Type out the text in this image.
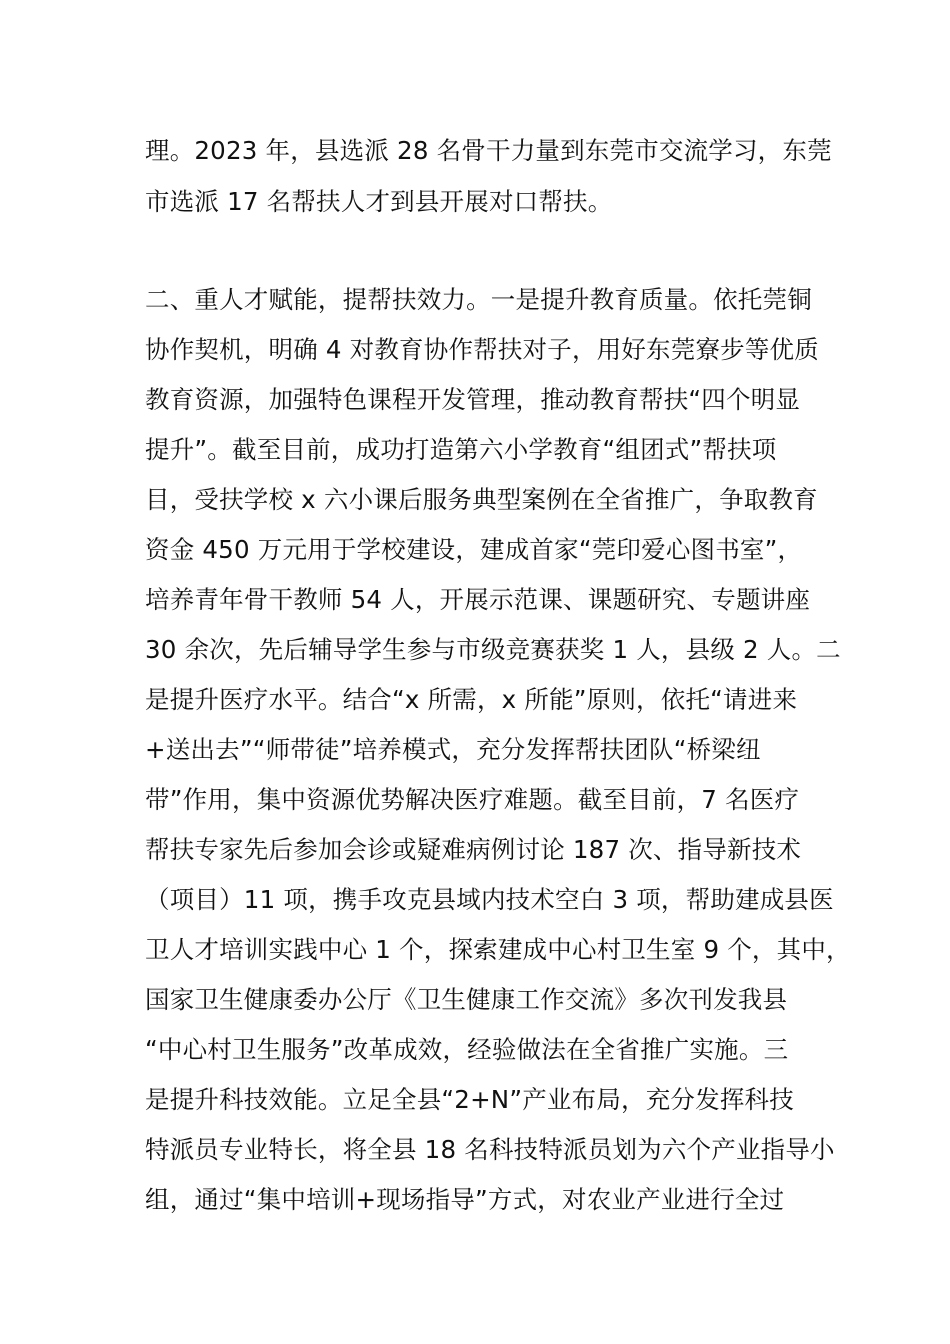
理。2023 年，县选派 28 名骨干力量到东莞市交流学习，东莞
市选派 17 名帮扶人才到县开展对口帮扶。
二、重人才赋能，提帮扶效力。一是提升教育质量。依托莞铜
协作契机，明确 4 对教育协作帮扶对子，用好东莞寮步等优质
教育资源，加强特色课程开发管理，推动教育帮扶“四个明显
提升”。截至目前，成功打造第六小学教育“组团式”帮扶项
目，受扶学校 x 六小课后服务典型案例在全省推广，争取教育
资金 450 万元用于学校建设，建成首家“莞印爱心图书室”，
培养青年骨干教师 54 人，开展示范课、课题研究、专题讲座
30 余次，先后辅导学生参与市级竞赛获奖 1 人，县级 2 人。二
是提升医疗水平。结合“x 所需，x 所能”原则，依托“请进来
+送出去”“师带徒”培养模式，充分发挥帮扶团队“桥梁纽
带”作用，集中资源优势解决医疗难题。截至目前，7 名医疗
帮扶专家先后参加会诊或疑难病例讨论 187 次、指导新技术
（项目）11 项，携手攻克县域内技术空白 3 项，帮助建成县医
卫人才培训实践中心 1 个，探索建成中心村卫生室 9 个，其中，
国家卫生健康委办公厅《卫生健康工作交流》多次刊发我县
“中心村卫生服务”改革成效，经验做法在全省推广实施。三
是提升科技效能。立足全县“2+N”产业布局，充分发挥科技
特派员专业特长，将全县 18 名科技特派员划为六个产业指导小
组，通过“集中培训+现场指导”方式，对农业产业进行全过
